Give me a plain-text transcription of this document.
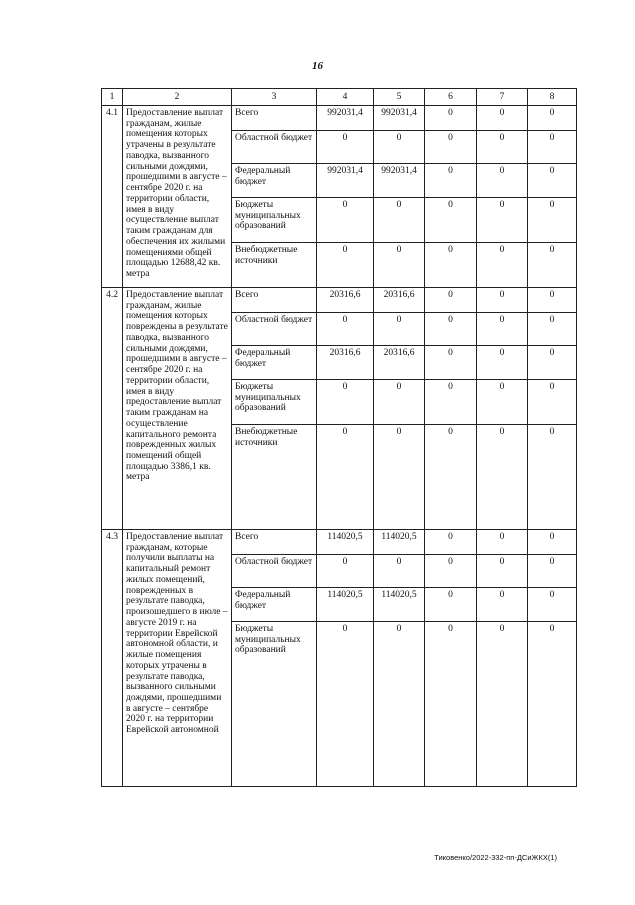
16
1	2	3	4	5	6	7	8
4.1	Предоставление выплат гражданам, жилые помещения которых утрачены в результате паводка, вызванного сильными дождями, прошедшими в августе – сентябре 2020 г. на территории области, имея в виду осуществление выплат таким гражданам для обеспечения их жилыми помещениями общей площадью 12688,42 кв. метра	Всего	992031,4	992031,4	0	0	0
		Областной бюджет	0	0	0	0	0
		Федеральный бюджет	992031,4	992031,4	0	0	0
		Бюджеты муниципальных образований	0	0	0	0	0
		Внебюджетные источники	0	0	0	0	0
4.2	Предоставление выплат гражданам, жилые помещения которых повреждены в результате паводка, вызванного сильными дождями, прошедшими в августе – сентябре 2020 г. на территории области, имея в виду предоставление выплат таким гражданам на осуществление капитального ремонта поврежденных жилых помещений общей площадью 3386,1 кв. метра	Всего	20316,6	20316,6	0	0	0
		Областной бюджет	0	0	0	0	0
		Федеральный бюджет	20316,6	20316,6	0	0	0
		Бюджеты муниципальных образований	0	0	0	0	0
		Внебюджетные источники	0	0	0	0	0
4.3	Предоставление выплат гражданам, которые получили выплаты на капитальный ремонт жилых помещений, поврежденных в результате паводка, произошедшего в июле – августе 2019 г. на территории Еврейской автономной области, и жилые помещения которых утрачены в результате паводка, вызванного сильными дождями, прошедшими в августе – сентябре 2020 г. на территории Еврейской автономной	Всего	114020,5	114020,5	0	0	0
		Областной бюджет	0	0	0	0	0
		Федеральный бюджет	114020,5	114020,5	0	0	0
		Бюджеты муниципальных образований	0	0	0	0	0
Тиковенко/2022-332-пп-ДСиЖКХ(1)
